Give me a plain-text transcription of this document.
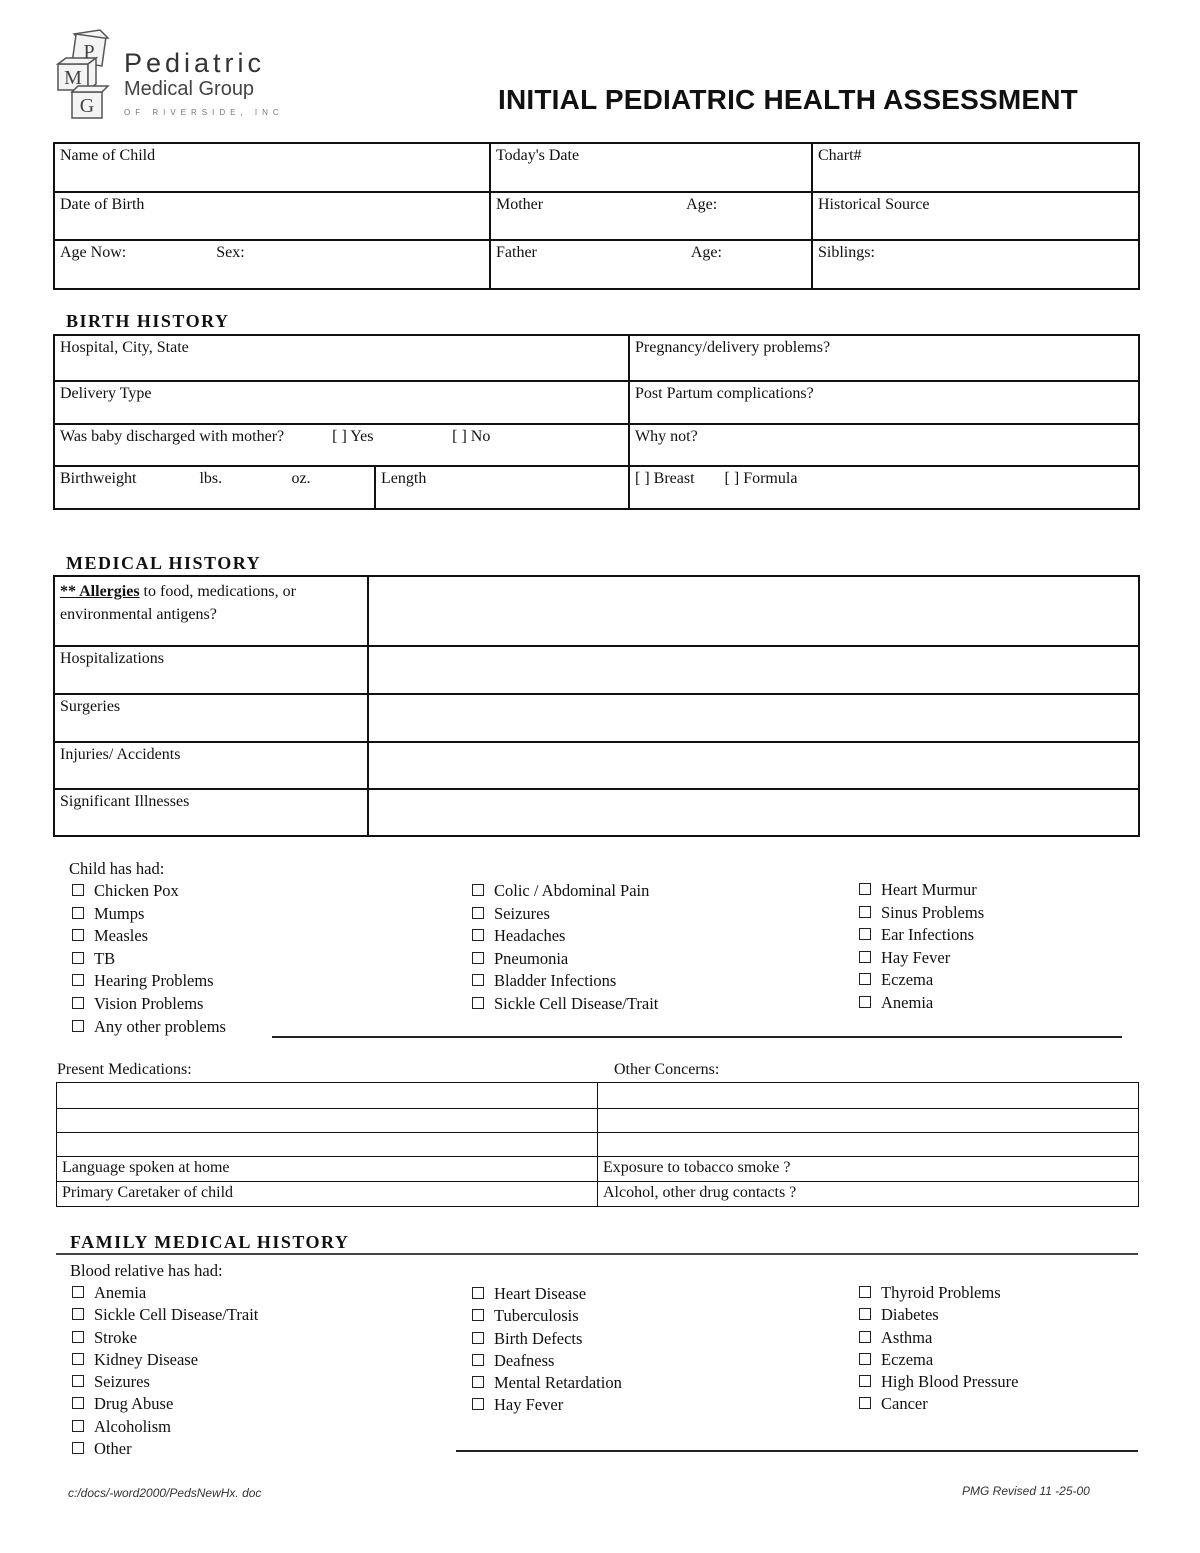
P
M
G
Pediatric
Medical Group
OF RIVERSIDE, INC	INITIAL PEDIATRIC HEALTH ASSESSMENT
Name of Child	Today's Date	Chart#
Date of Birth	Mother Age:	Historical Source
Age Now: Sex:	Father Age:	Siblings:
BIRTH HISTORY
Hospital, City, State		Pregnancy/delivery problems?
Delivery Type		Post Partum complications?
Was baby discharged with mother? [ ] Yes [ ] No		Why not?
Birthweight lbs. oz.	Length	[ ] Breast [ ] Formula
MEDICAL HISTORY
** Allergies to food, medications, or
environmental antigens?	
Hospitalizations	
Surgeries	
Injuries/ Accidents	
Significant Illnesses	
Child has had:
Chicken Pox
Mumps
Measles
TB
Hearing Problems
Vision Problems
Any other problems
Colic / Abdominal Pain
Seizures
Headaches
Pneumonia
Bladder Infections
Sickle Cell Disease/Trait
Heart Murmur
Sinus Problems
Ear Infections
Hay Fever
Eczema
Anemia
Present Medications:	Other Concerns:

Language spoken at home	Exposure to tobacco smoke ?
Primary Caretaker of child	Alcohol, other drug contacts ?
FAMILY MEDICAL HISTORY
Blood relative has had:
Anemia
Sickle Cell Disease/Trait
Stroke
Kidney Disease
Seizures
Drug Abuse
Alcoholism
Other
Heart Disease
Tuberculosis
Birth Defects
Deafness
Mental Retardation
Hay Fever
Thyroid Problems
Diabetes
Asthma
Eczema
High Blood Pressure
Cancer
c:/docs/-word2000/PedsNewHx. doc	PMG Revised 11 -25-00
